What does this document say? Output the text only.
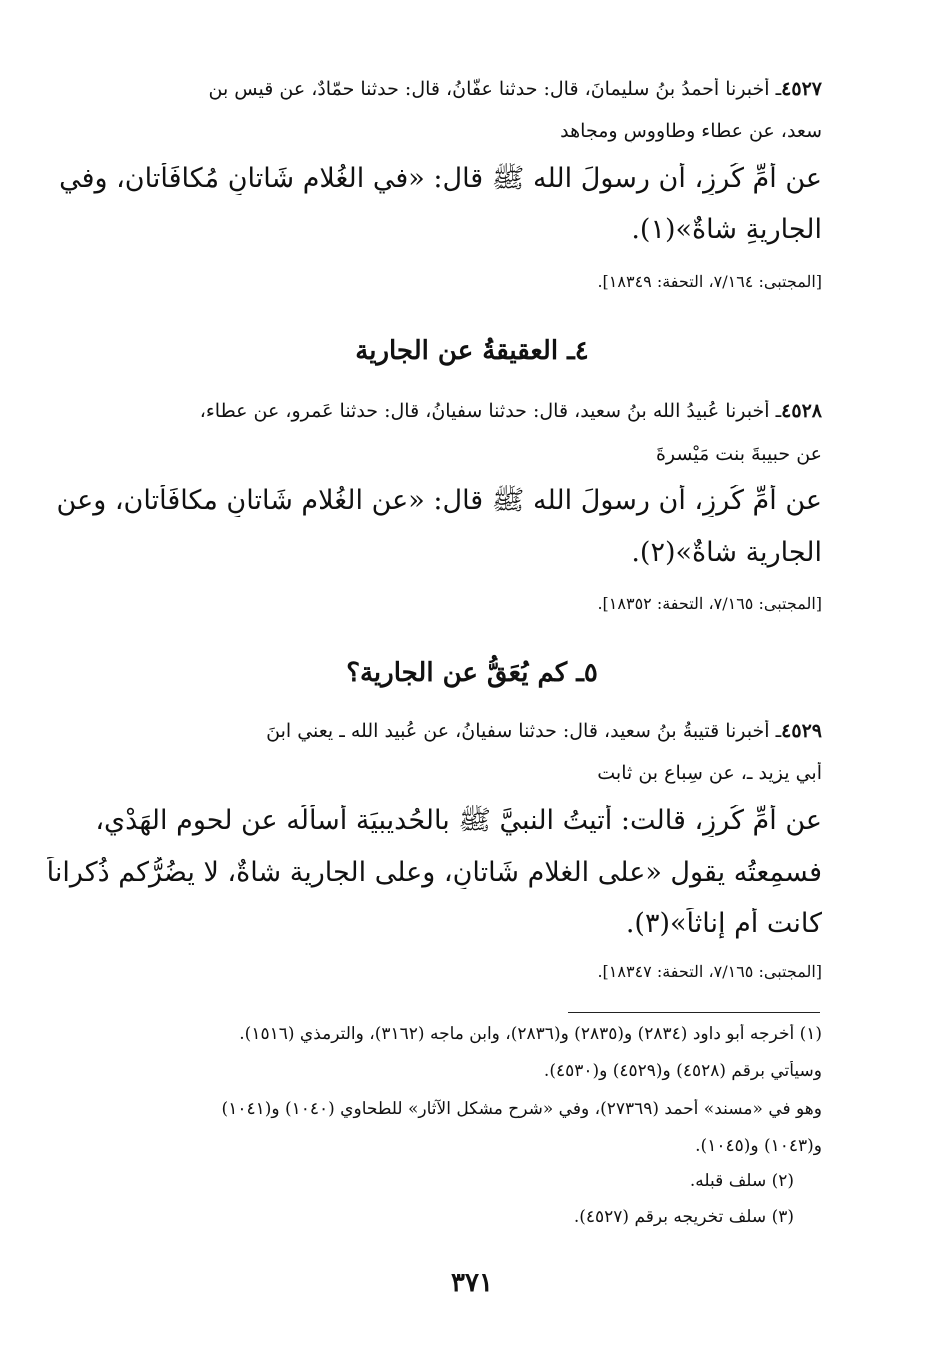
٤٥٢٧ـ أخبرنا أحمدُ بنُ سليمانَ، قال: حدثنا عفّانُ، قال: حدثنا حمّادٌ، عن قيس بن
سعد، عن عطاء وطاووسٍ ومجاهد
عن أُمِّ كُرزٍ، أن رسولَ الله ﷺ قال: «في الغُلام شَاتانِ مُكافَأتان، وفي
الجاريةِ شاةٌ»(١).
[المجتبى: ٧/١٦٤، التحفة: ١٨٣٤٩].
٤ـ العقيقةُ عن الجارية
٤٥٢٨ـ أخبرنا عُبيدُ الله بنُ سعيد، قال: حدثنا سفيانُ، قال: حدثنا عَمرو، عن عطاء،
عن حبيبةَ بنت مَيْسرةَ
عن أُمِّ كُرزٍ، أن رسولَ الله ﷺ قال: «عن الغُلام شَاتانِ مكافَأتان، وعن
الجارية شاةٌ»(٢).
[المجتبى: ٧/١٦٥، التحفة: ١٨٣٥٢].
٥ـ كم يُعَقُّ عن الجارية؟
٤٥٢٩ـ أخبرنا قتيبةُ بنُ سعيد، قال: حدثنا سفيانُ، عن عُبيد الله ـ يعني ابنَ
أبي يزيد ـ، عن سِباع بن ثابت
عن أُمِّ كُرزٍ، قالت: أتيتُ النبيَّ ﷺ بالحُديبيَة أسألُه عن لحوم الهَدْي،
فسمِعتُه يقول «على الغلام شَاتانِ، وعلى الجارية شاةٌ، لا يضُرُّكم ذُكراناً
كانت أم إناثاً»(٣).
[المجتبى: ٧/١٦٥، التحفة: ١٨٣٤٧].
(١) أخرجه أبو داود (٢٨٣٤) و(٢٨٣٥) و(٢٨٣٦)، وابن ماجه (٣١٦٢)، والترمذي (١٥١٦).
وسيأتي برقم (٤٥٢٨) و(٤٥٢٩) و(٤٥٣٠).
وهو في «مسند» أحمد (٢٧٣٦٩)، وفي «شرح مشكل الآثار» للطحاوي (١٠٤٠) و(١٠٤١)
و(١٠٤٣) و(١٠٤٥).
(٢) سلف قبله.
(٣) سلف تخريجه برقم (٤٥٢٧).
٣٧١
